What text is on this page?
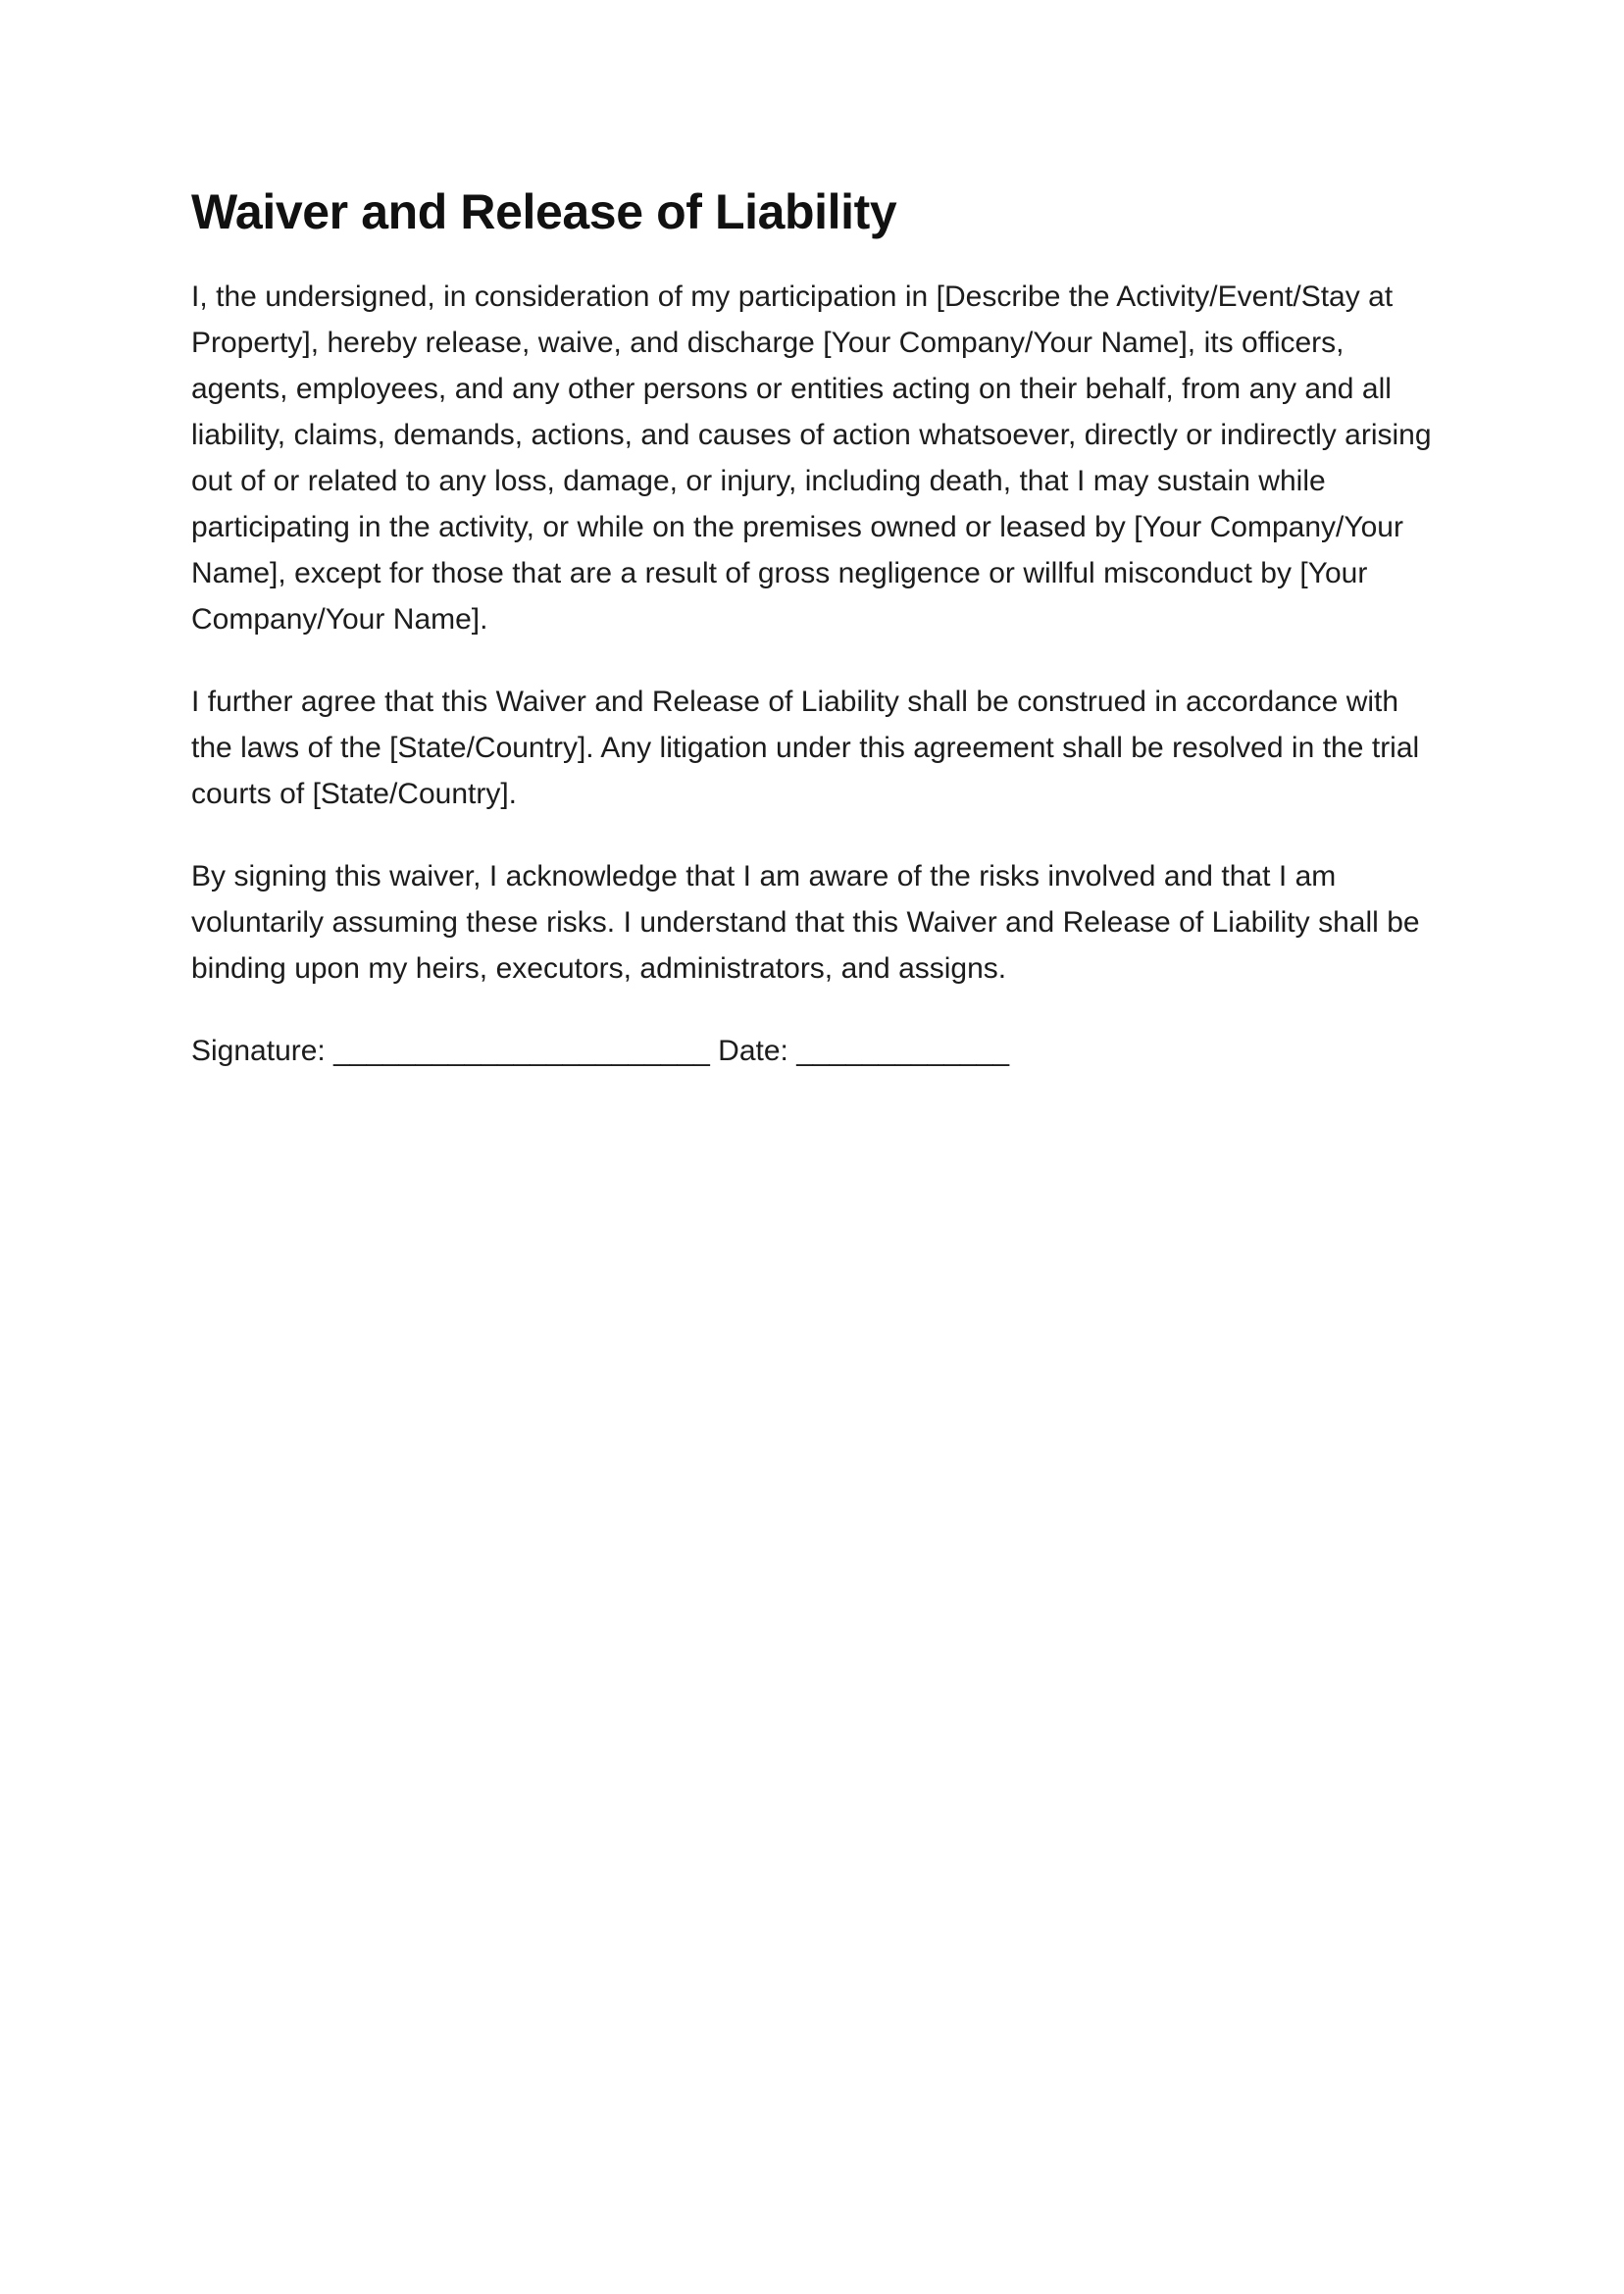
Waiver and Release of Liability

I, the undersigned, in consideration of my participation in [Describe the Activity/Event/Stay at Property], hereby release, waive, and discharge [Your Company/Your Name], its officers, agents, employees, and any other persons or entities acting on their behalf, from any and all liability, claims, demands, actions, and causes of action whatsoever, directly or indirectly arising out of or related to any loss, damage, or injury, including death, that I may sustain while participating in the activity, or while on the premises owned or leased by [Your Company/Your Name], except for those that are a result of gross negligence or willful misconduct by [Your Company/Your Name].

I further agree that this Waiver and Release of Liability shall be construed in accordance with the laws of the [State/Country]. Any litigation under this agreement shall be resolved in the trial courts of [State/Country].

By signing this waiver, I acknowledge that I am aware of the risks involved and that I am voluntarily assuming these risks. I understand that this Waiver and Release of Liability shall be binding upon my heirs, executors, administrators, and assigns.

Signature: _______________________ Date: _____________
